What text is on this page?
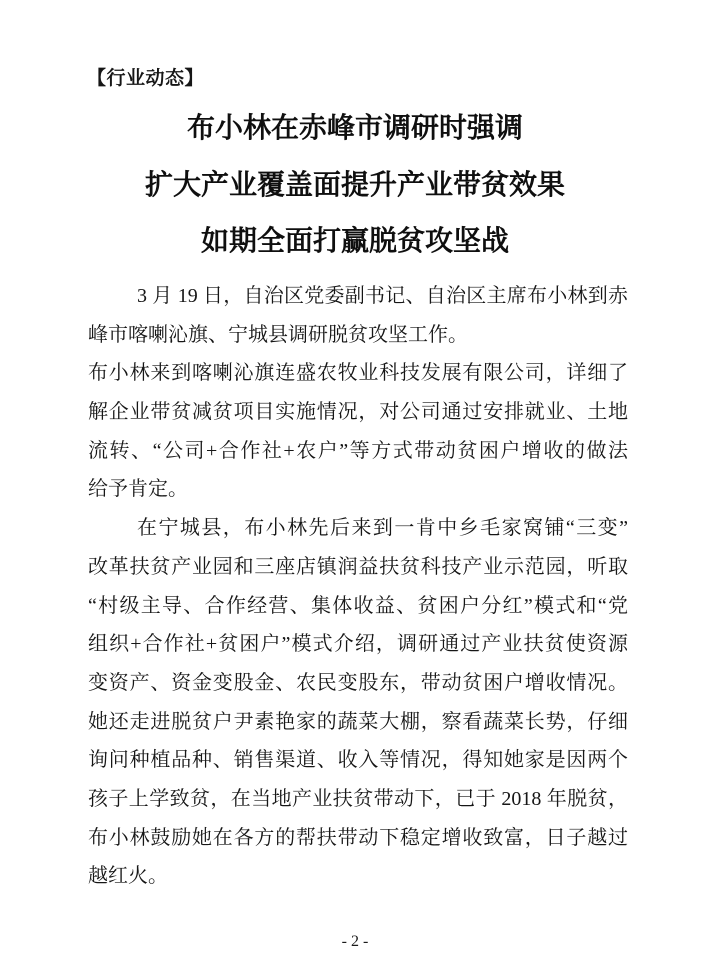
【行业动态】
布小林在赤峰市调研时强调
扩大产业覆盖面提升产业带贫效果
如期全面打赢脱贫攻坚战
3 月 19 日，自治区党委副书记、自治区主席布小林到赤
峰市喀喇沁旗、宁城县调研脱贫攻坚工作。
布小林来到喀喇沁旗连盛农牧业科技发展有限公司，详细了
解企业带贫减贫项目实施情况，对公司通过安排就业、土地
流转、“公司+合作社+农户”等方式带动贫困户增收的做法
给予肯定。
在宁城县，布小林先后来到一肯中乡毛家窝铺“三变”
改革扶贫产业园和三座店镇润益扶贫科技产业示范园，听取
“村级主导、合作经营、集体收益、贫困户分红”模式和“党
组织+合作社+贫困户”模式介绍，调研通过产业扶贫使资源
变资产、资金变股金、农民变股东，带动贫困户增收情况。
她还走进脱贫户尹素艳家的蔬菜大棚，察看蔬菜长势，仔细
询问种植品种、销售渠道、收入等情况，得知她家是因两个
孩子上学致贫，在当地产业扶贫带动下，已于 2018 年脱贫，
布小林鼓励她在各方的帮扶带动下稳定增收致富，日子越过
越红火。
- 2 -
